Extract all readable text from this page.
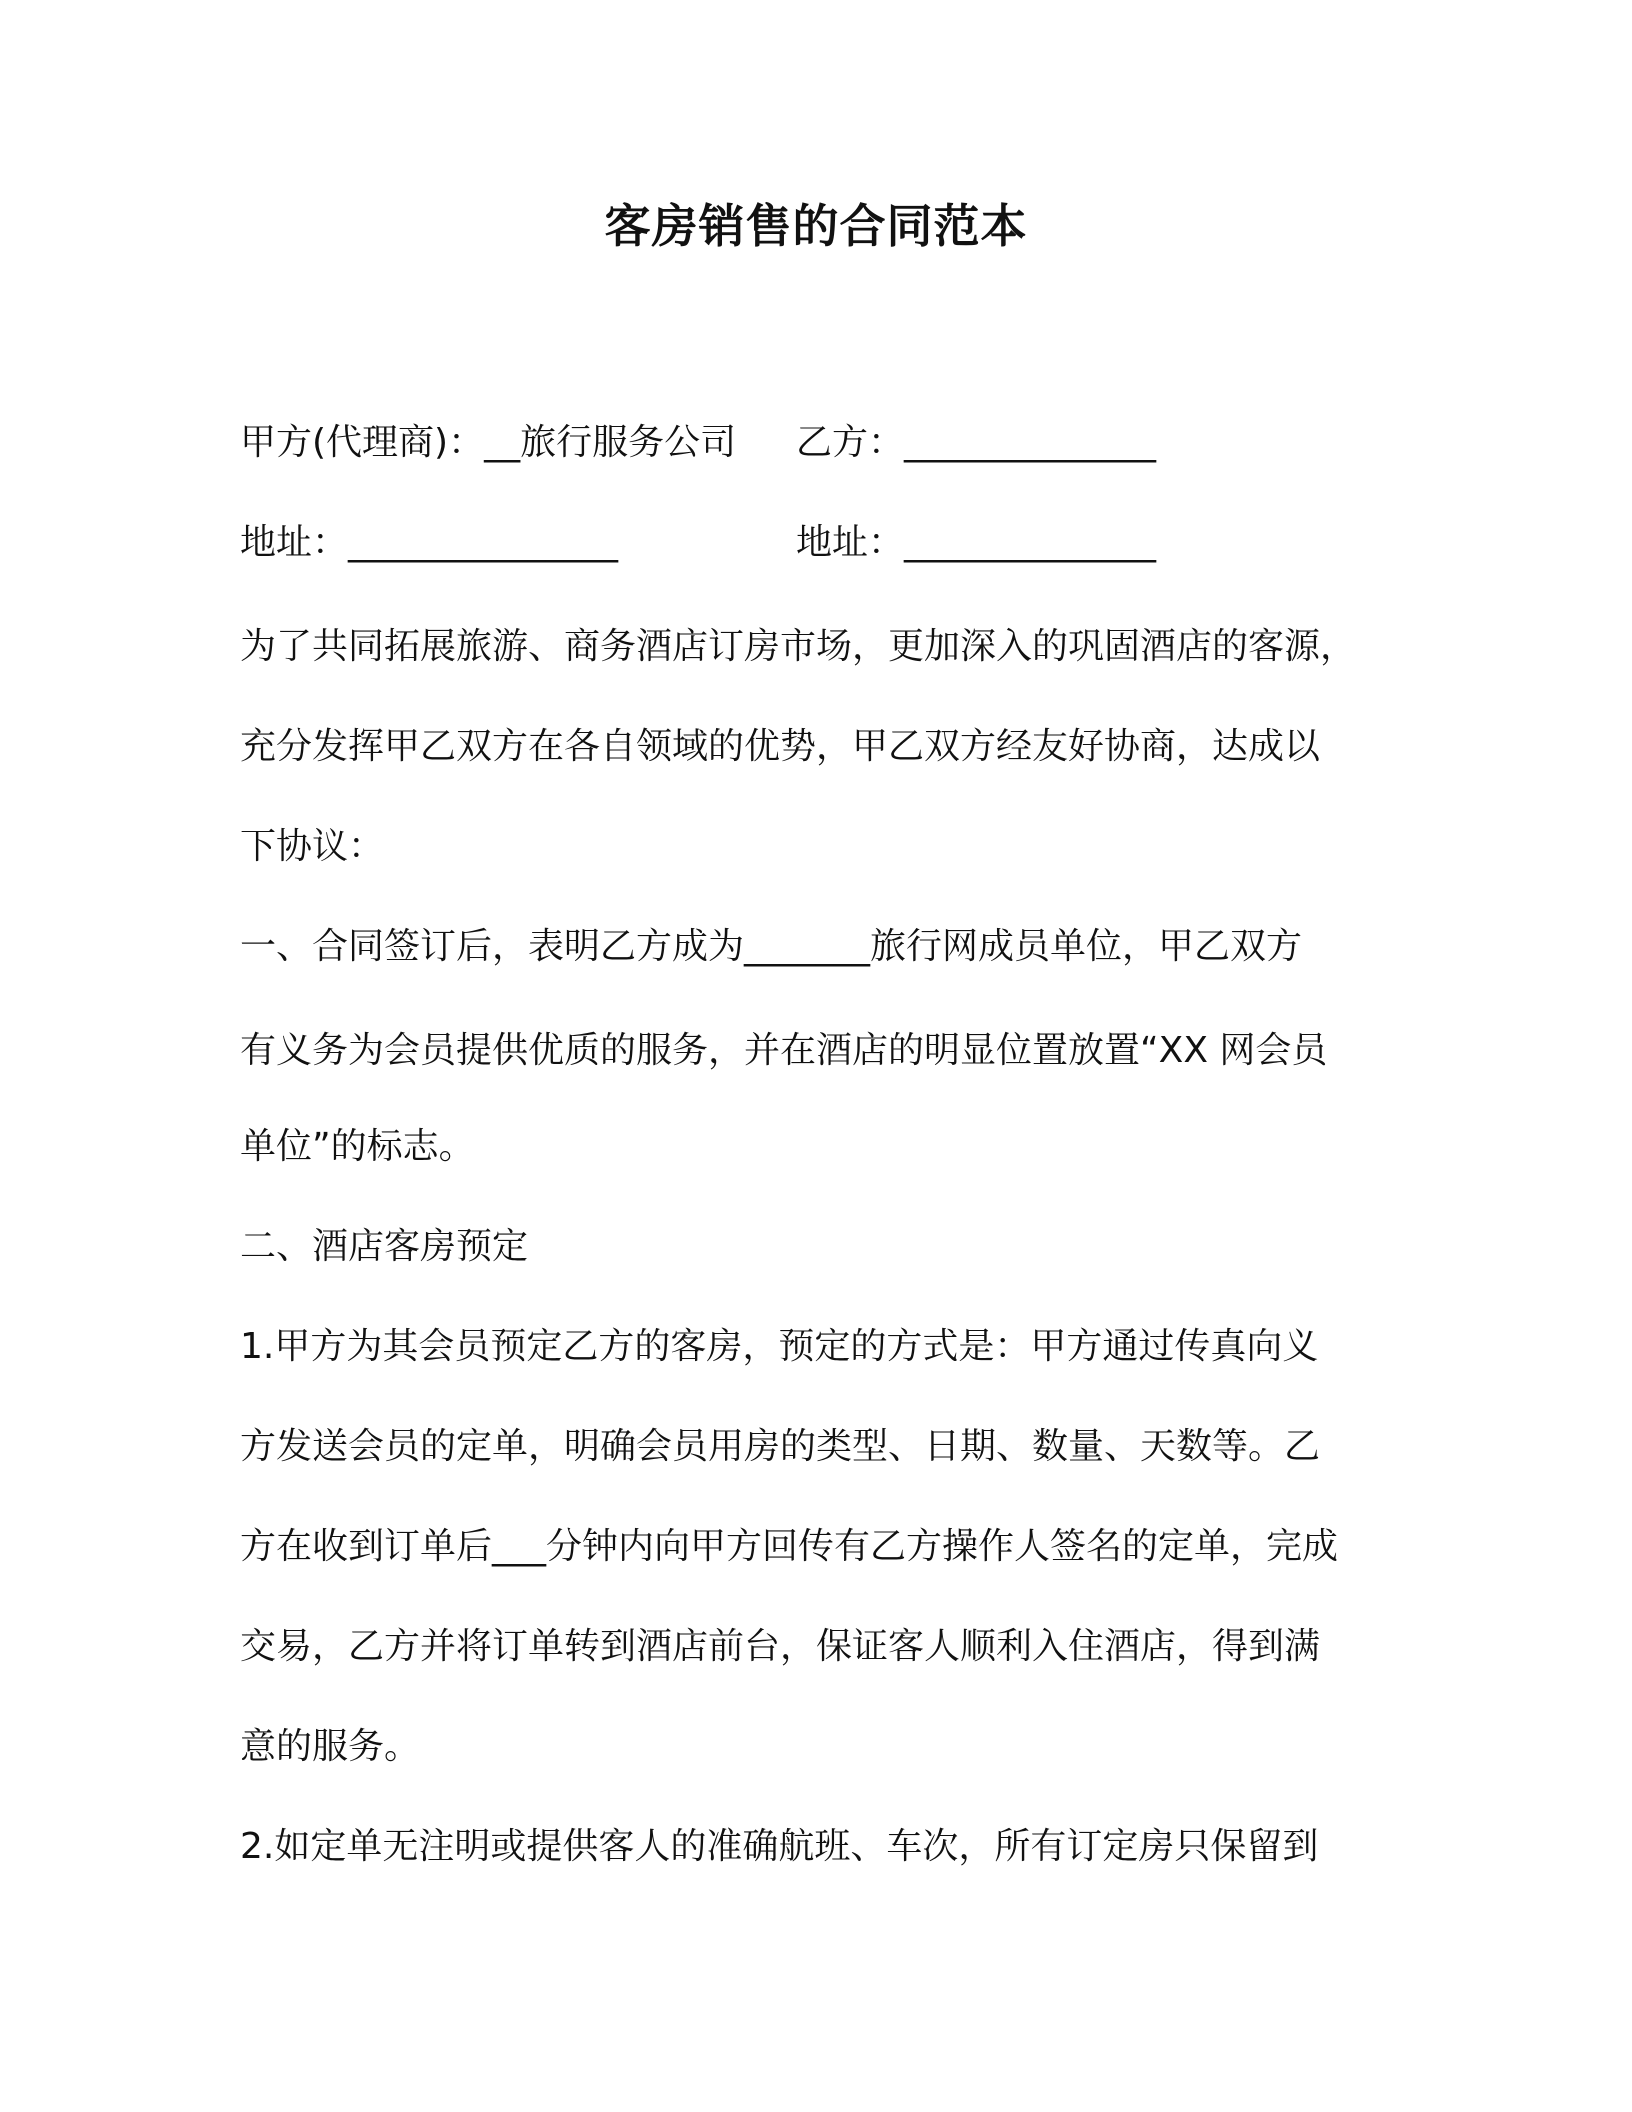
客房销售的合同范本
甲方(代理商)：__旅行服务公司 乙方：______________
地址：_______________	地址：______________
为了共同拓展旅游、商务酒店订房市场，更加深入的巩固酒店的客源，
充分发挥甲乙双方在各自领域的优势，甲乙双方经友好协商，达成以
下协议：
一、合同签订后，表明乙方成为_______旅行网成员单位，甲乙双方
有义务为会员提供优质的服务，并在酒店的明显位置放置“XX 网会员
单位”的标志。
二、酒店客房预定
1.甲方为其会员预定乙方的客房，预定的方式是：甲方通过传真向义
方发送会员的定单，明确会员用房的类型、日期、数量、天数等。乙
方在收到订单后___分钟内向甲方回传有乙方操作人签名的定单，完成
交易，乙方并将订单转到酒店前台，保证客人顺利入住酒店，得到满
意的服务。
2.如定单无注明或提供客人的准确航班、车次，所有订定房只保留到
